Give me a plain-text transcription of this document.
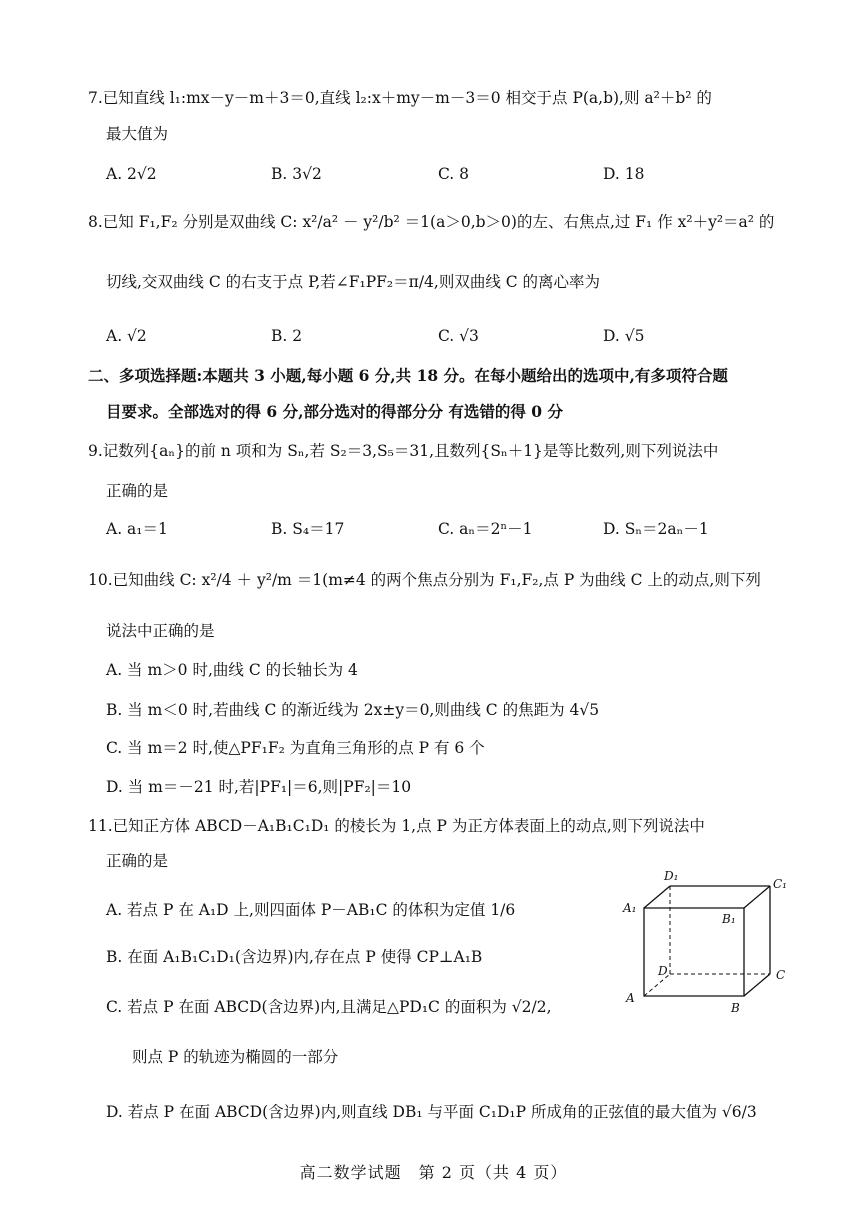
7.已知直线 l₁:mx－y－m＋3＝0,直线 l₂:x＋my－m－3＝0 相交于点 P(a,b),则 a²＋b² 的
最大值为
A. 2√2	B. 3√2	C. 8	D. 18
8.已知 F₁,F₂ 分别是双曲线 C: x²/a² － y²/b² ＝1(a＞0,b＞0)的左、右焦点,过 F₁ 作 x²＋y²＝a² 的
切线,交双曲线 C 的右支于点 P,若∠F₁PF₂＝π/4,则双曲线 C 的离心率为
A. √2	B. 2	C. √3	D. √5
二、多项选择题:本题共 3 小题,每小题 6 分,共 18 分。在每小题给出的选项中,有多项符合题
目要求。全部选对的得 6 分,部分选对的得部分分 有选错的得 0 分
9.记数列{aₙ}的前 n 项和为 Sₙ,若 S₂＝3,S₅＝31,且数列{Sₙ＋1}是等比数列,则下列说法中
正确的是
A. a₁＝1	B. S₄＝17	C. aₙ＝2ⁿ－1	D. Sₙ＝2aₙ－1
10.已知曲线 C: x²/4 ＋ y²/m ＝1(m≠4 的两个焦点分别为 F₁,F₂,点 P 为曲线 C 上的动点,则下列
说法中正确的是
A. 当 m＞0 时,曲线 C 的长轴长为 4
B. 当 m＜0 时,若曲线 C 的渐近线为 2x±y＝0,则曲线 C 的焦距为 4√5
C. 当 m＝2 时,使△PF₁F₂ 为直角三角形的点 P 有 6 个
D. 当 m＝－21 时,若|PF₁|＝6,则|PF₂|＝10
11.已知正方体 ABCD－A₁B₁C₁D₁ 的棱长为 1,点 P 为正方体表面上的动点,则下列说法中
正确的是
A. 若点 P 在 A₁D 上,则四面体 P－AB₁C 的体积为定值 1/6
B. 在面 A₁B₁C₁D₁(含边界)内,存在点 P 使得 CP⊥A₁B
C. 若点 P 在面 ABCD(含边界)内,且满足△PD₁C 的面积为 √2/2,
则点 P 的轨迹为椭圆的一部分
D. 若点 P 在面 ABCD(含边界)内,则直线 DB₁ 与平面 C₁D₁P 所成角的正弦值的最大值为 √6/3
D₁
C₁
A₁
B₁
D	C
A
B
高二数学试题　第 2 页（共 4 页）
